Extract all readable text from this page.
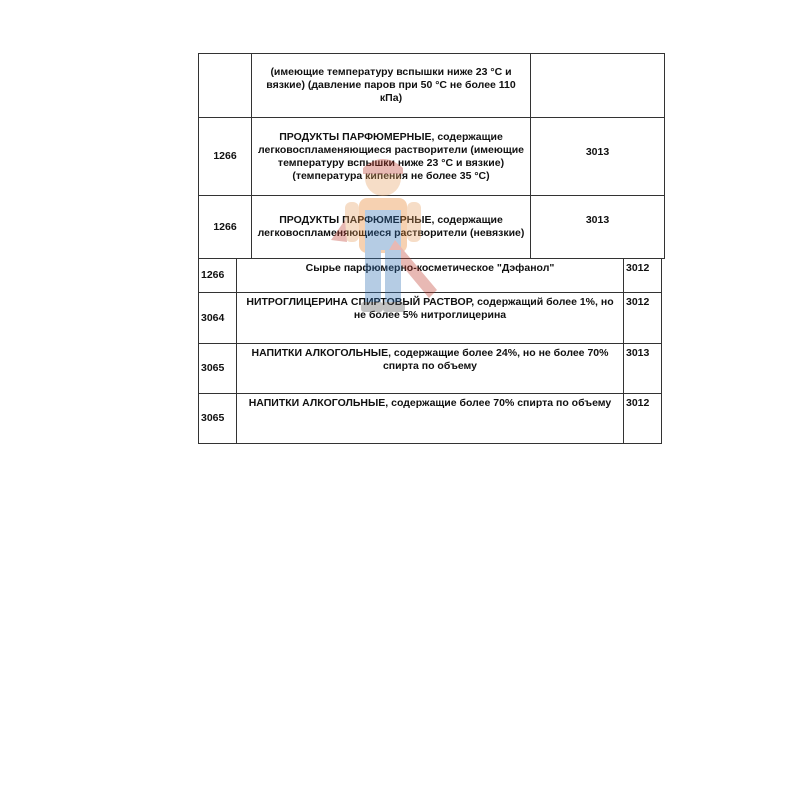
	(имеющие температуру вспышки ниже 23 °C и вязкие) (давление паров при 50 °C не более 110 кПа)	
1266	ПРОДУКТЫ ПАРФЮМЕРНЫЕ, содержащие легковоспламеняющиеся растворители (имеющие температуру вспышки ниже 23 °C и вязкие) (температура кипения не более 35 °C)	3013
1266	ПРОДУКТЫ ПАРФЮМЕРНЫЕ, содержащие легковоспламеняющиеся растворители (невязкие)	3013
1266	Сырье парфюмерно-косметическое "Дэфанол"	3012
3064	НИТРОГЛИЦЕРИНА СПИРТОВЫЙ РАСТВОР, содержащий более 1%, но не более 5% нитроглицерина	3012
3065	НАПИТКИ АЛКОГОЛЬНЫЕ, содержащие более 24%, но не более 70% спирта по объему	3013
3065	НАПИТКИ АЛКОГОЛЬНЫЕ, содержащие более 70% спирта по объему	3012
